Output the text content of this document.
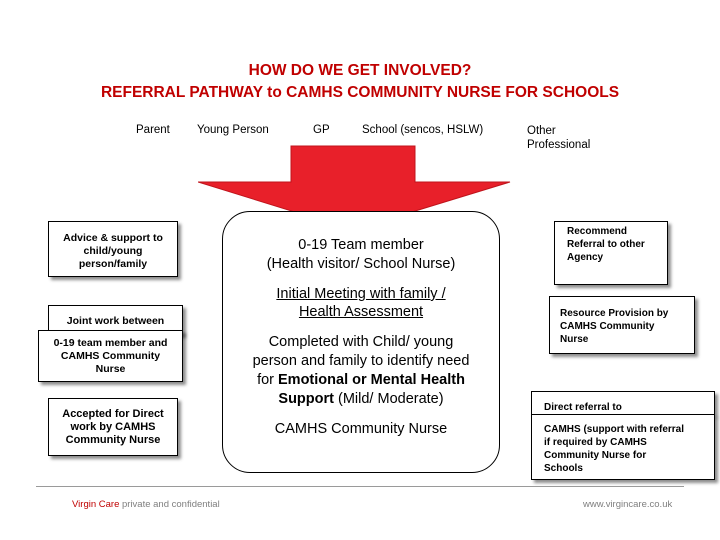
HOW DO WE GET INVOLVED?
REFERRAL PATHWAY to CAMHS COMMUNITY NURSE FOR SCHOOLS
Parent Young Person	GP	School (sencos, HSLW)	Other
Professional
Advice & support to
child/young
person/family
Joint work between
0-19 team member and
CAMHS Community
Nurse
Accepted for Direct
work by CAMHS
Community Nurse
0-19 Team member
(Health visitor/ School Nurse)
Initial Meeting with family /
Health Assessment
Completed with Child/ young
person and family to identify need
for Emotional or Mental Health
Support (Mild/ Moderate)
CAMHS Community Nurse
Recommend
Referral to other
Agency
Resource Provision by
CAMHS Community
Nurse
Direct referral to
CAMHS (support with referral
if required by CAMHS
Community Nurse for
Schools
Virgin Care private and confidential	www.virgincare.co.uk
